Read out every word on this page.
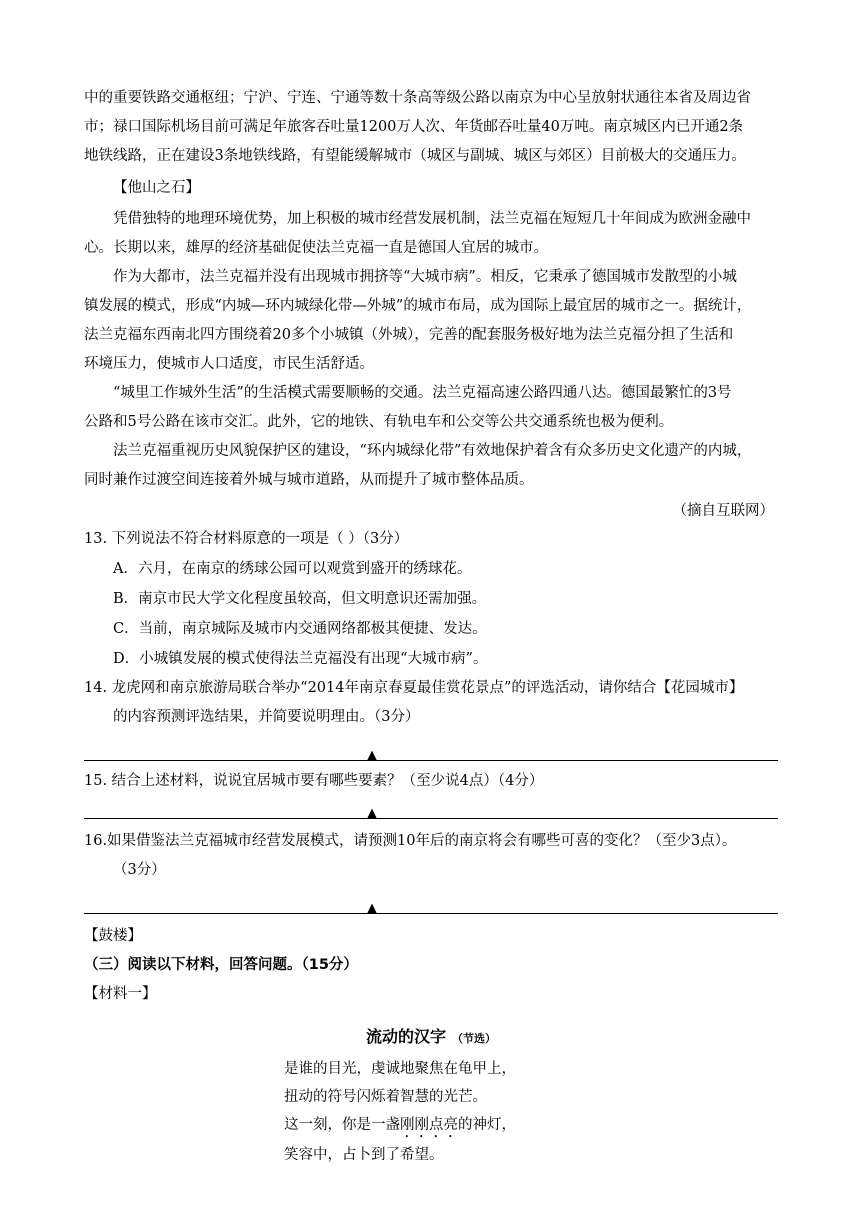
中的重要铁路交通枢纽；宁沪、宁连、宁通等数十条高等级公路以南京为中心呈放射状通往本省及周边省
市；禄口国际机场目前可满足年旅客吞吐量1200万人次、年货邮吞吐量40万吨。南京城区内已开通2条
地铁线路，正在建设3条地铁线路，有望能缓解城市（城区与副城、城区与郊区）目前极大的交通压力。
【他山之石】
凭借独特的地理环境优势，加上积极的城市经营发展机制，法兰克福在短短几十年间成为欧洲金融中
心。长期以来，雄厚的经济基础促使法兰克福一直是德国人宜居的城市。
作为大都市，法兰克福并没有出现城市拥挤等“大城市病”。相反，它秉承了德国城市发散型的小城
镇发展的模式，形成“内城—环内城绿化带—外城”的城市布局，成为国际上最宜居的城市之一。据统计，
法兰克福东西南北四方围绕着20多个小城镇（外城），完善的配套服务极好地为法兰克福分担了生活和
环境压力，使城市人口适度，市民生活舒适。
“城里工作城外生活”的生活模式需要顺畅的交通。法兰克福高速公路四通八达。德国最繁忙的3号
公路和5号公路在该市交汇。此外，它的地铁、有轨电车和公交等公共交通系统也极为便利。
法兰克福重视历史风貌保护区的建设，“环内城绿化带”有效地保护着含有众多历史文化遗产的内城，
同时兼作过渡空间连接着外城与城市道路，从而提升了城市整体品质。
（摘自互联网）
13. 下列说法不符合材料原意的一项是（ ）（3分）
A．六月，在南京的绣球公园可以观赏到盛开的绣球花。
B．南京市民大学文化程度虽较高，但文明意识还需加强。
C．当前，南京城际及城市内交通网络都极其便捷、发达。
D．小城镇发展的模式使得法兰克福没有出现“大城市病”。
14. 龙虎网和南京旅游局联合举办“2014年南京春夏最佳赏花景点”的评选活动，请你结合【花园城市】
的内容预测评选结果，并简要说明理由。（3分）
▲
15. 结合上述材料，说说宜居城市要有哪些要素？（至少说4点）（4分）
▲
16.如果借鉴法兰克福城市经营发展模式，请预测10年后的南京将会有哪些可喜的变化？（至少3点）。
（3分）
▲
【鼓楼】
（三）阅读以下材料，回答问题。（15分）
【材料一】
流动的汉字 （节选）
是谁的目光，虔诚地聚焦在龟甲上，
扭动的符号闪烁着智慧的光芒。
这一刻，你是一盏刚刚点亮的神灯，
笑容中，占卜到了希望。
